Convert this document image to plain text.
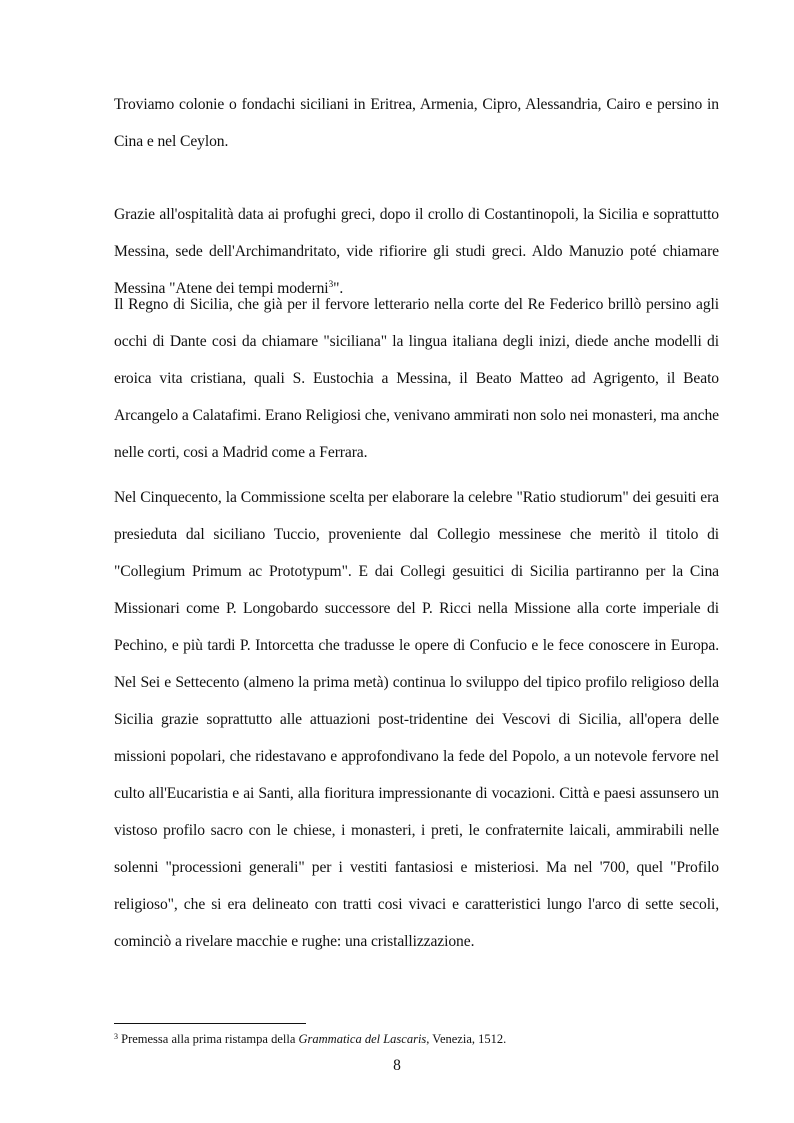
Troviamo colonie o fondachi siciliani in Eritrea, Armenia, Cipro, Alessandria, Cairo e persino in Cina e nel Ceylon.

Grazie all'ospitalità data ai profughi greci, dopo il crollo di Costantinopoli, la Sicilia e soprattutto Messina, sede dell'Archimandritato, vide rifiorire gli studi greci. Aldo Manuzio poté chiamare Messina "Atene dei tempi moderni$^3$".

Il Regno di Sicilia, che già per il fervore letterario nella corte del Re Federico brillò persino agli occhi di Dante cosi da chiamare "siciliana" la lingua italiana degli inizi, diede anche modelli di eroica vita cristiana, quali S. Eustochia a Messina, il Beato Matteo ad Agrigento, il Beato Arcangelo a Calatafimi. Erano Religiosi che, venivano ammirati non solo nei monasteri, ma anche nelle corti, cosi a Madrid come a Ferrara.

Nel Cinquecento, la Commissione scelta per elaborare la celebre "Ratio studiorum" dei gesuiti era presieduta dal siciliano Tuccio, proveniente dal Collegio messinese che meritò il titolo di "Collegium Primum ac Prototypum". E dai Collegi gesuitici di Sicilia partiranno per la Cina Missionari come P. Longobardo successore del P. Ricci nella Missione alla corte imperiale di Pechino, e più tardi P. Intorcetta che tradusse le opere di Confucio e le fece conoscere in Europa. Nel Sei e Settecento (almeno la prima metà) continua lo sviluppo del tipico profilo religioso della Sicilia grazie soprattutto alle attuazioni post-tridentine dei Vescovi di Sicilia, all'opera delle missioni popolari, che ridestavano e approfondivano la fede del Popolo, a un notevole fervore nel culto all'Eucaristia e ai Santi, alla fioritura impressionante di vocazioni. Città e paesi assunsero un vistoso profilo sacro con le chiese, i monasteri, i preti, le confraternite laicali, ammirabili nelle solenni "processioni generali" per i vestiti fantasiosi e misteriosi. Ma nel '700, quel "Profilo religioso", che si era delineato con tratti cosi vivaci e caratteristici lungo l'arco di sette secoli, cominciò a rivelare macchie e rughe: una cristallizzazione.

$^3$ Premessa alla prima ristampa della Grammatica del Lascaris, Venezia, 1512.

8
